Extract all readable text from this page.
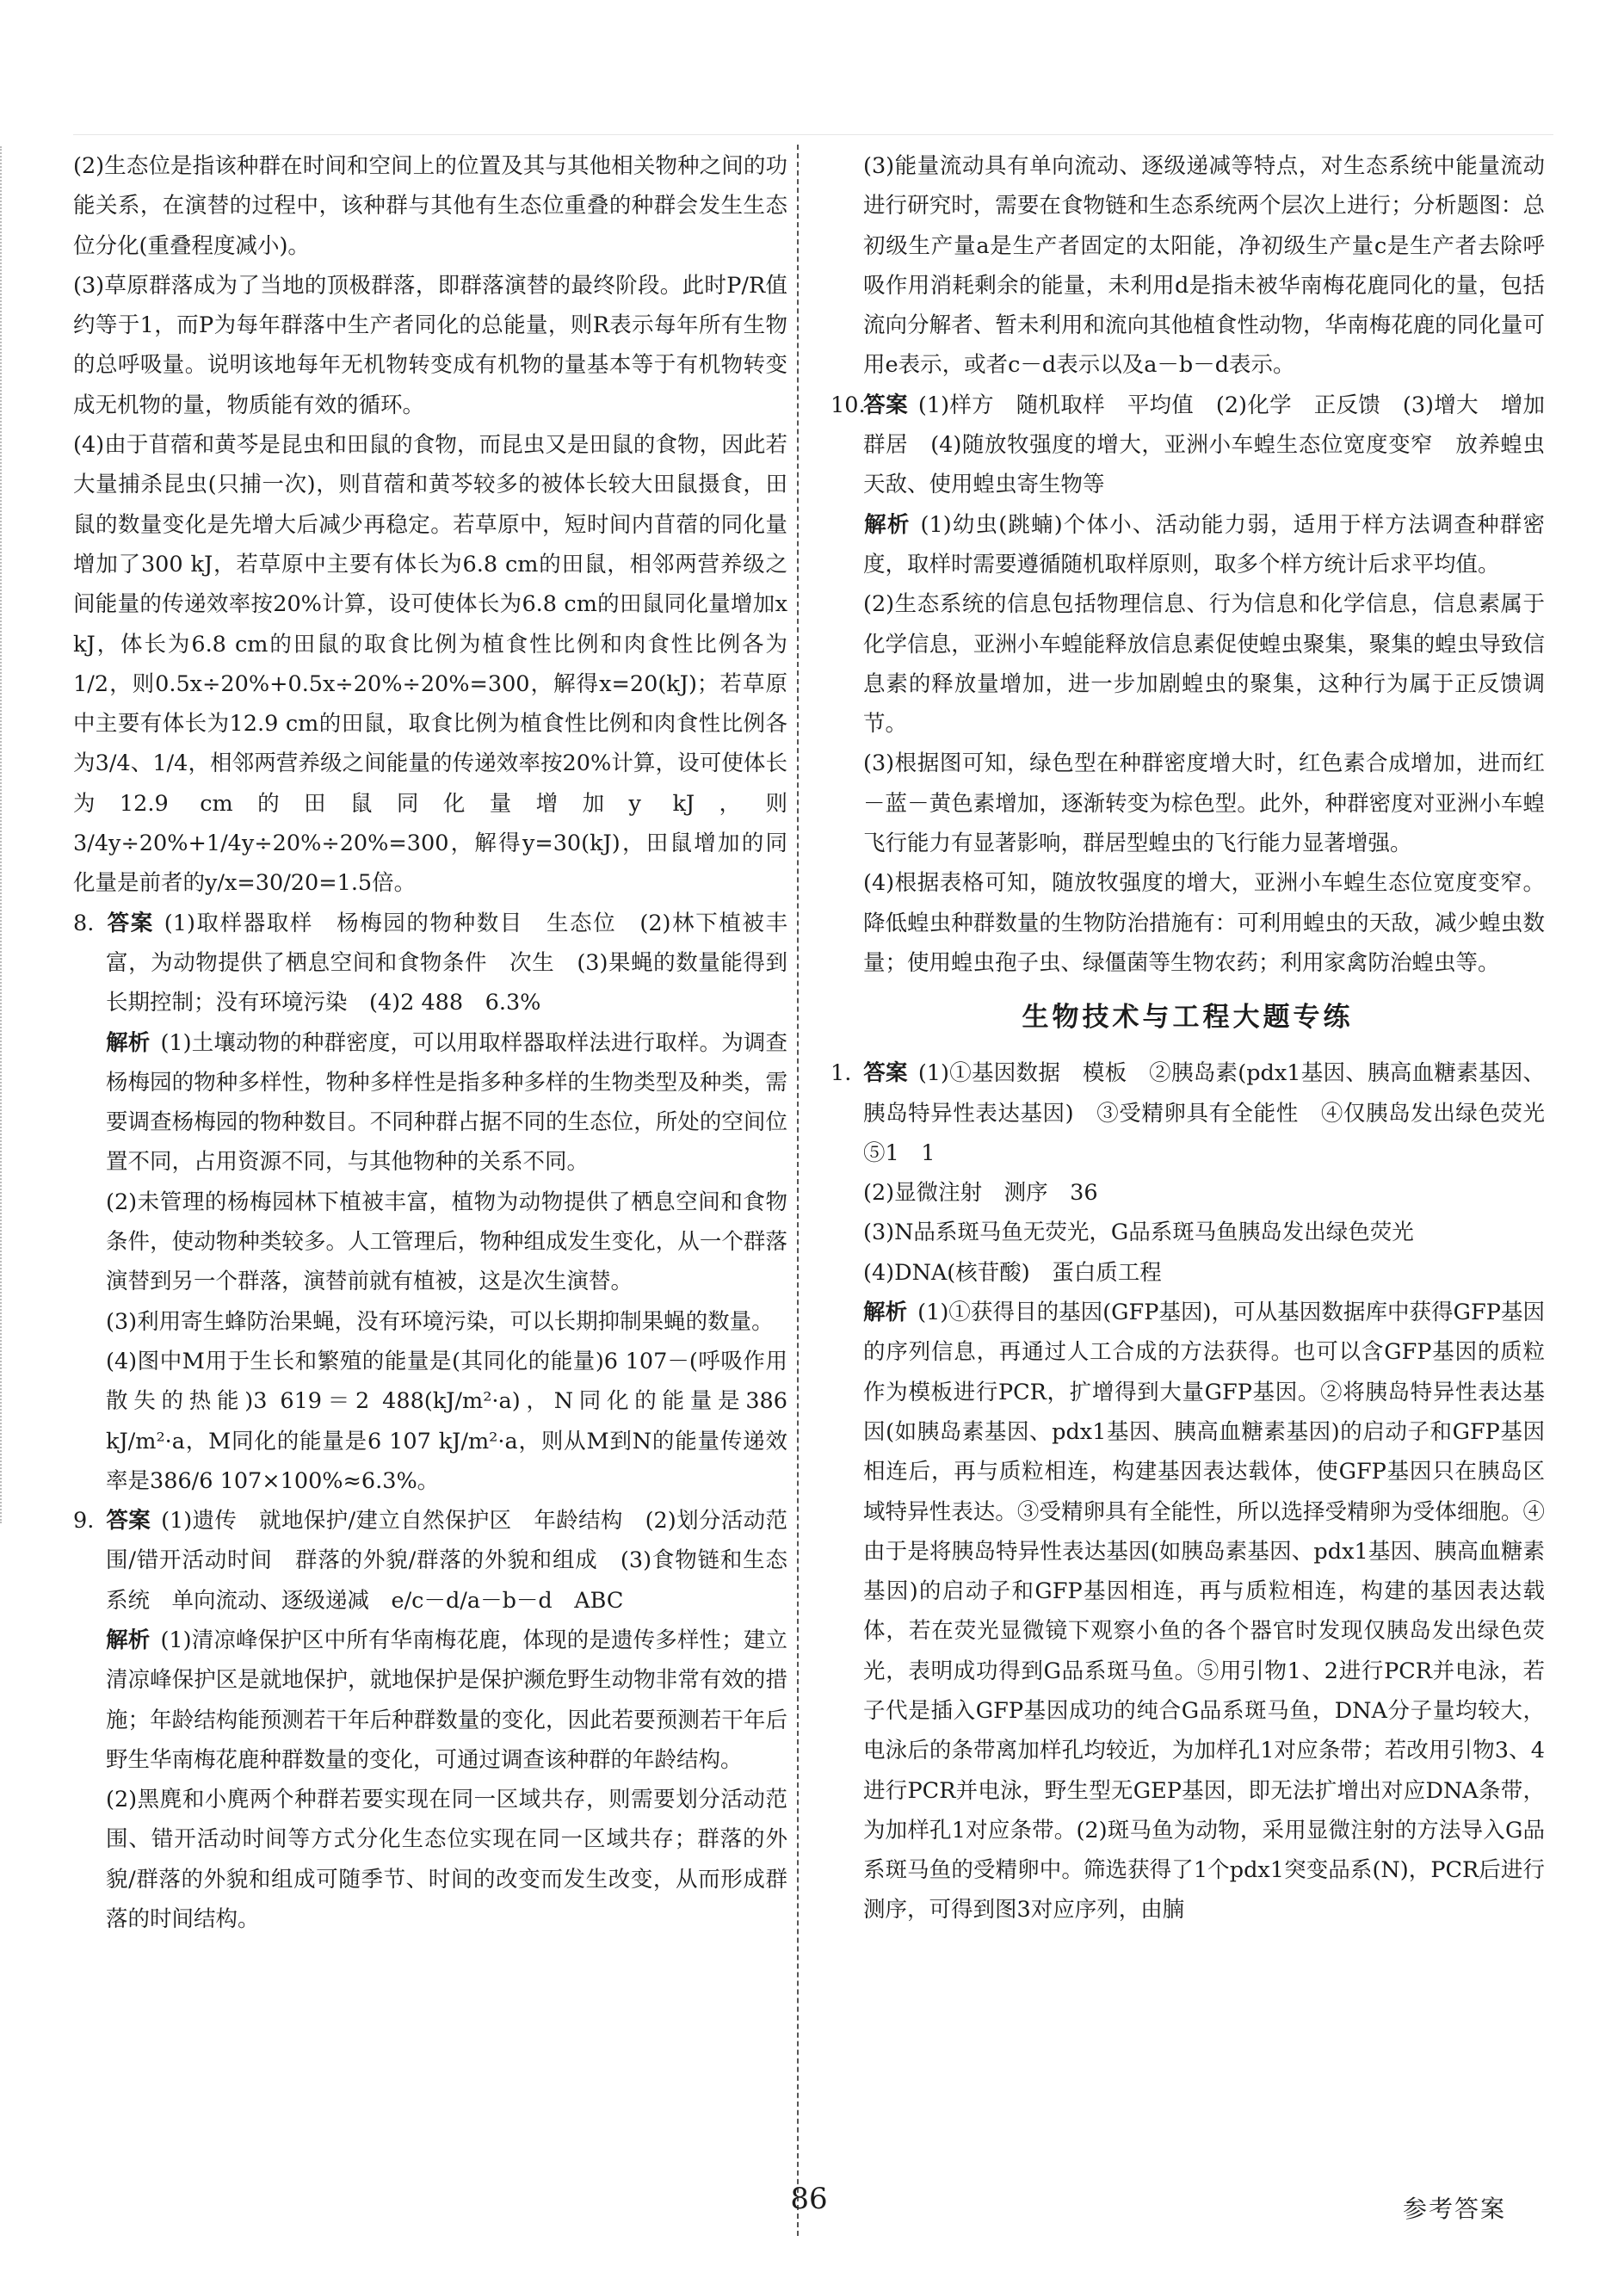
(2)生态位是指该种群在时间和空间上的位置及其与其他相关物种之间的功能关系，在演替的过程中，该种群与其他有生态位重叠的种群会发生生态位分化(重叠程度减小)。

(3)草原群落成为了当地的顶极群落，即群落演替的最终阶段。此时P/R值约等于1，而P为每年群落中生产者同化的总能量，则R表示每年所有生物的总呼吸量。说明该地每年无机物转变成有机物的量基本等于有机物转变成无机物的量，物质能有效的循环。

(4)由于苜蓿和黄芩是昆虫和田鼠的食物，而昆虫又是田鼠的食物，因此若大量捕杀昆虫(只捕一次)，则苜蓿和黄芩较多的被体长较大田鼠摄食，田鼠的数量变化是先增大后减少再稳定。若草原中，短时间内苜蓿的同化量增加了300 kJ，若草原中主要有体长为6.8 cm的田鼠，相邻两营养级之间能量的传递效率按20%计算，设可使体长为6.8 cm的田鼠同化量增加x kJ，体长为6.8 cm的田鼠的取食比例为植食性比例和肉食性比例各为1/2，则0.5x÷20%+0.5x÷20%÷20%=300，解得x=20(kJ)；若草原中主要有体长为12.9 cm的田鼠，取食比例为植食性比例和肉食性比例各为3/4、1/4，相邻两营养级之间能量的传递效率按20%计算，设可使体长为12.9 cm的田鼠同化量增加y kJ，则3/4y÷20%+1/4y÷20%÷20%=300，解得y=30(kJ)，田鼠增加的同化量是前者的y/x=30/20=1.5倍。

8. 答案 (1)取样器取样　杨梅园的物种数目　生态位　(2)林下植被丰富，为动物提供了栖息空间和食物条件　次生　(3)果蝇的数量能得到长期控制；没有环境污染　(4)2 488　6.3%

解析 (1)土壤动物的种群密度，可以用取样器取样法进行取样。为调查杨梅园的物种多样性，物种多样性是指多种多样的生物类型及种类，需要调查杨梅园的物种数目。不同种群占据不同的生态位，所处的空间位置不同，占用资源不同，与其他物种的关系不同。

(2)未管理的杨梅园林下植被丰富，植物为动物提供了栖息空间和食物条件，使动物种类较多。人工管理后，物种组成发生变化，从一个群落演替到另一个群落，演替前就有植被，这是次生演替。

(3)利用寄生蜂防治果蝇，没有环境污染，可以长期抑制果蝇的数量。

(4)图中M用于生长和繁殖的能量是(其同化的能量)6 107－(呼吸作用散失的热能)3 619＝2 488(kJ/m²·a)，N同化的能量是386 kJ/m²·a，M同化的能量是6 107 kJ/m²·a，则从M到N的能量传递效率是386/6 107×100%≈6.3%。

9. 答案 (1)遗传　就地保护/建立自然保护区　年龄结构　(2)划分活动范围/错开活动时间　群落的外貌/群落的外貌和组成　(3)食物链和生态系统　单向流动、逐级递减　e/c－d/a－b－d　ABC

解析 (1)清凉峰保护区中所有华南梅花鹿，体现的是遗传多样性；建立清凉峰保护区是就地保护，就地保护是保护濒危野生动物非常有效的措施；年龄结构能预测若干年后种群数量的变化，因此若要预测若干年后野生华南梅花鹿种群数量的变化，可通过调查该种群的年龄结构。

(2)黑麂和小麂两个种群若要实现在同一区域共存，则需要划分活动范围、错开活动时间等方式分化生态位实现在同一区域共存；群落的外貌/群落的外貌和组成可随季节、时间的改变而发生改变，从而形成群落的时间结构。

(3)能量流动具有单向流动、逐级递减等特点，对生态系统中能量流动进行研究时，需要在食物链和生态系统两个层次上进行；分析题图：总初级生产量a是生产者固定的太阳能，净初级生产量c是生产者去除呼吸作用消耗剩余的能量，未利用d是指未被华南梅花鹿同化的量，包括流向分解者、暂未利用和流向其他植食性动物，华南梅花鹿的同化量可用e表示，或者c－d表示以及a－b－d表示。

10.答案 (1)样方　随机取样　平均值　(2)化学　正反馈　(3)增大　增加　群居　(4)随放牧强度的增大，亚洲小车蝗生态位宽度变窄　放养蝗虫天敌、使用蝗虫寄生物等

解析 (1)幼虫(跳蝻)个体小、活动能力弱，适用于样方法调查种群密度，取样时需要遵循随机取样原则，取多个样方统计后求平均值。

(2)生态系统的信息包括物理信息、行为信息和化学信息，信息素属于化学信息，亚洲小车蝗能释放信息素促使蝗虫聚集，聚集的蝗虫导致信息素的释放量增加，进一步加剧蝗虫的聚集，这种行为属于正反馈调节。

(3)根据图可知，绿色型在种群密度增大时，红色素合成增加，进而红－蓝－黄色素增加，逐渐转变为棕色型。此外，种群密度对亚洲小车蝗飞行能力有显著影响，群居型蝗虫的飞行能力显著增强。

(4)根据表格可知，随放牧强度的增大，亚洲小车蝗生态位宽度变窄。降低蝗虫种群数量的生物防治措施有：可利用蝗虫的天敌，减少蝗虫数量；使用蝗虫孢子虫、绿僵菌等生物农药；利用家禽防治蝗虫等。

生物技术与工程大题专练

1. 答案 (1)①基因数据　模板　②胰岛素(pdx1基因、胰高血糖素基因、胰岛特异性表达基因)　③受精卵具有全能性　④仅胰岛发出绿色荧光　⑤1　1

(2)显微注射　测序　36

(3)N品系斑马鱼无荧光，G品系斑马鱼胰岛发出绿色荧光

(4)DNA(核苷酸)　蛋白质工程

解析 (1)①获得目的基因(GFP基因)，可从基因数据库中获得GFP基因的序列信息，再通过人工合成的方法获得。也可以含GFP基因的质粒作为模板进行PCR，扩增得到大量GFP基因。②将胰岛特异性表达基因(如胰岛素基因、pdx1基因、胰高血糖素基因)的启动子和GFP基因相连后，再与质粒相连，构建基因表达载体，使GFP基因只在胰岛区域特异性表达。③受精卵具有全能性，所以选择受精卵为受体细胞。④由于是将胰岛特异性表达基因(如胰岛素基因、pdx1基因、胰高血糖素基因)的启动子和GFP基因相连，再与质粒相连，构建的基因表达载体，若在荧光显微镜下观察小鱼的各个器官时发现仅胰岛发出绿色荧光，表明成功得到G品系斑马鱼。⑤用引物1、2进行PCR并电泳，若子代是插入GFP基因成功的纯合G品系斑马鱼，DNA分子量均较大，电泳后的条带离加样孔均较近，为加样孔1对应条带；若改用引物3、4进行PCR并电泳，野生型无GEP基因，即无法扩增出对应DNA条带，为加样孔1对应条带。(2)斑马鱼为动物，采用显微注射的方法导入G品系斑马鱼的受精卵中。筛选获得了1个pdx1突变品系(N)，PCR后进行测序，可得到图3对应序列，由腩

86	参考答案
